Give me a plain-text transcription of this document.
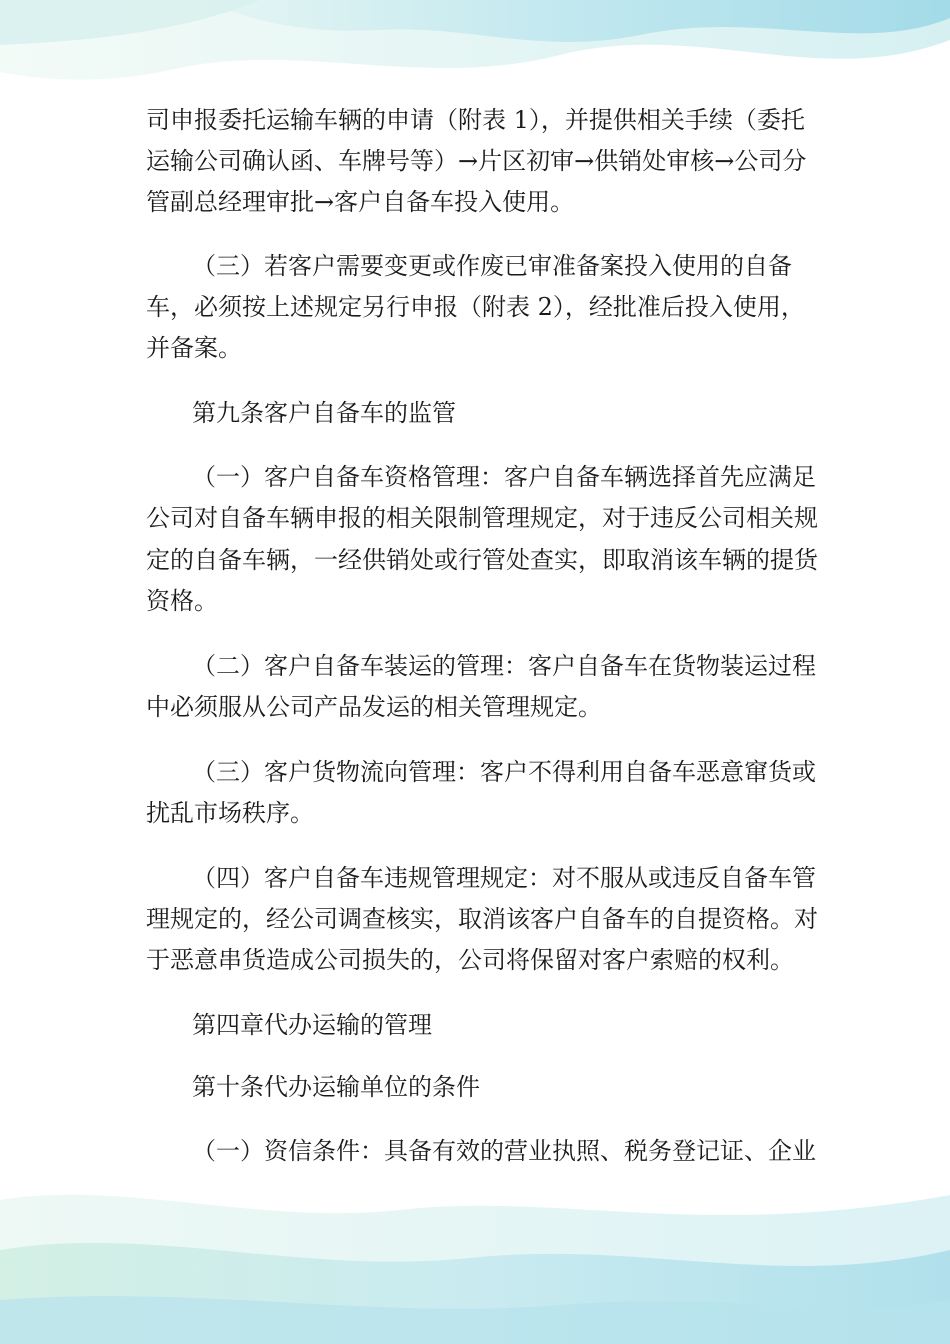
司申报委托运输车辆的申请（附表 1），并提供相关手续（委托
运输公司确认函、车牌号等）→片区初审→供销处审核→公司分
管副总经理审批→客户自备车投入使用。
（三）若客户需要变更或作废已审准备案投入使用的自备
车，必须按上述规定另行申报（附表 2），经批准后投入使用，
并备案。
第九条客户自备车的监管
（一）客户自备车资格管理：客户自备车辆选择首先应满足
公司对自备车辆申报的相关限制管理规定，对于违反公司相关规
定的自备车辆，一经供销处或行管处查实，即取消该车辆的提货
资格。
（二）客户自备车装运的管理：客户自备车在货物装运过程
中必须服从公司产品发运的相关管理规定。
（三）客户货物流向管理：客户不得利用自备车恶意窜货或
扰乱市场秩序。
（四）客户自备车违规管理规定：对不服从或违反自备车管
理规定的，经公司调查核实，取消该客户自备车的自提资格。对
于恶意串货造成公司损失的，公司将保留对客户索赔的权利。
第四章代办运输的管理
第十条代办运输单位的条件
（一）资信条件：具备有效的营业执照、税务登记证、企业
